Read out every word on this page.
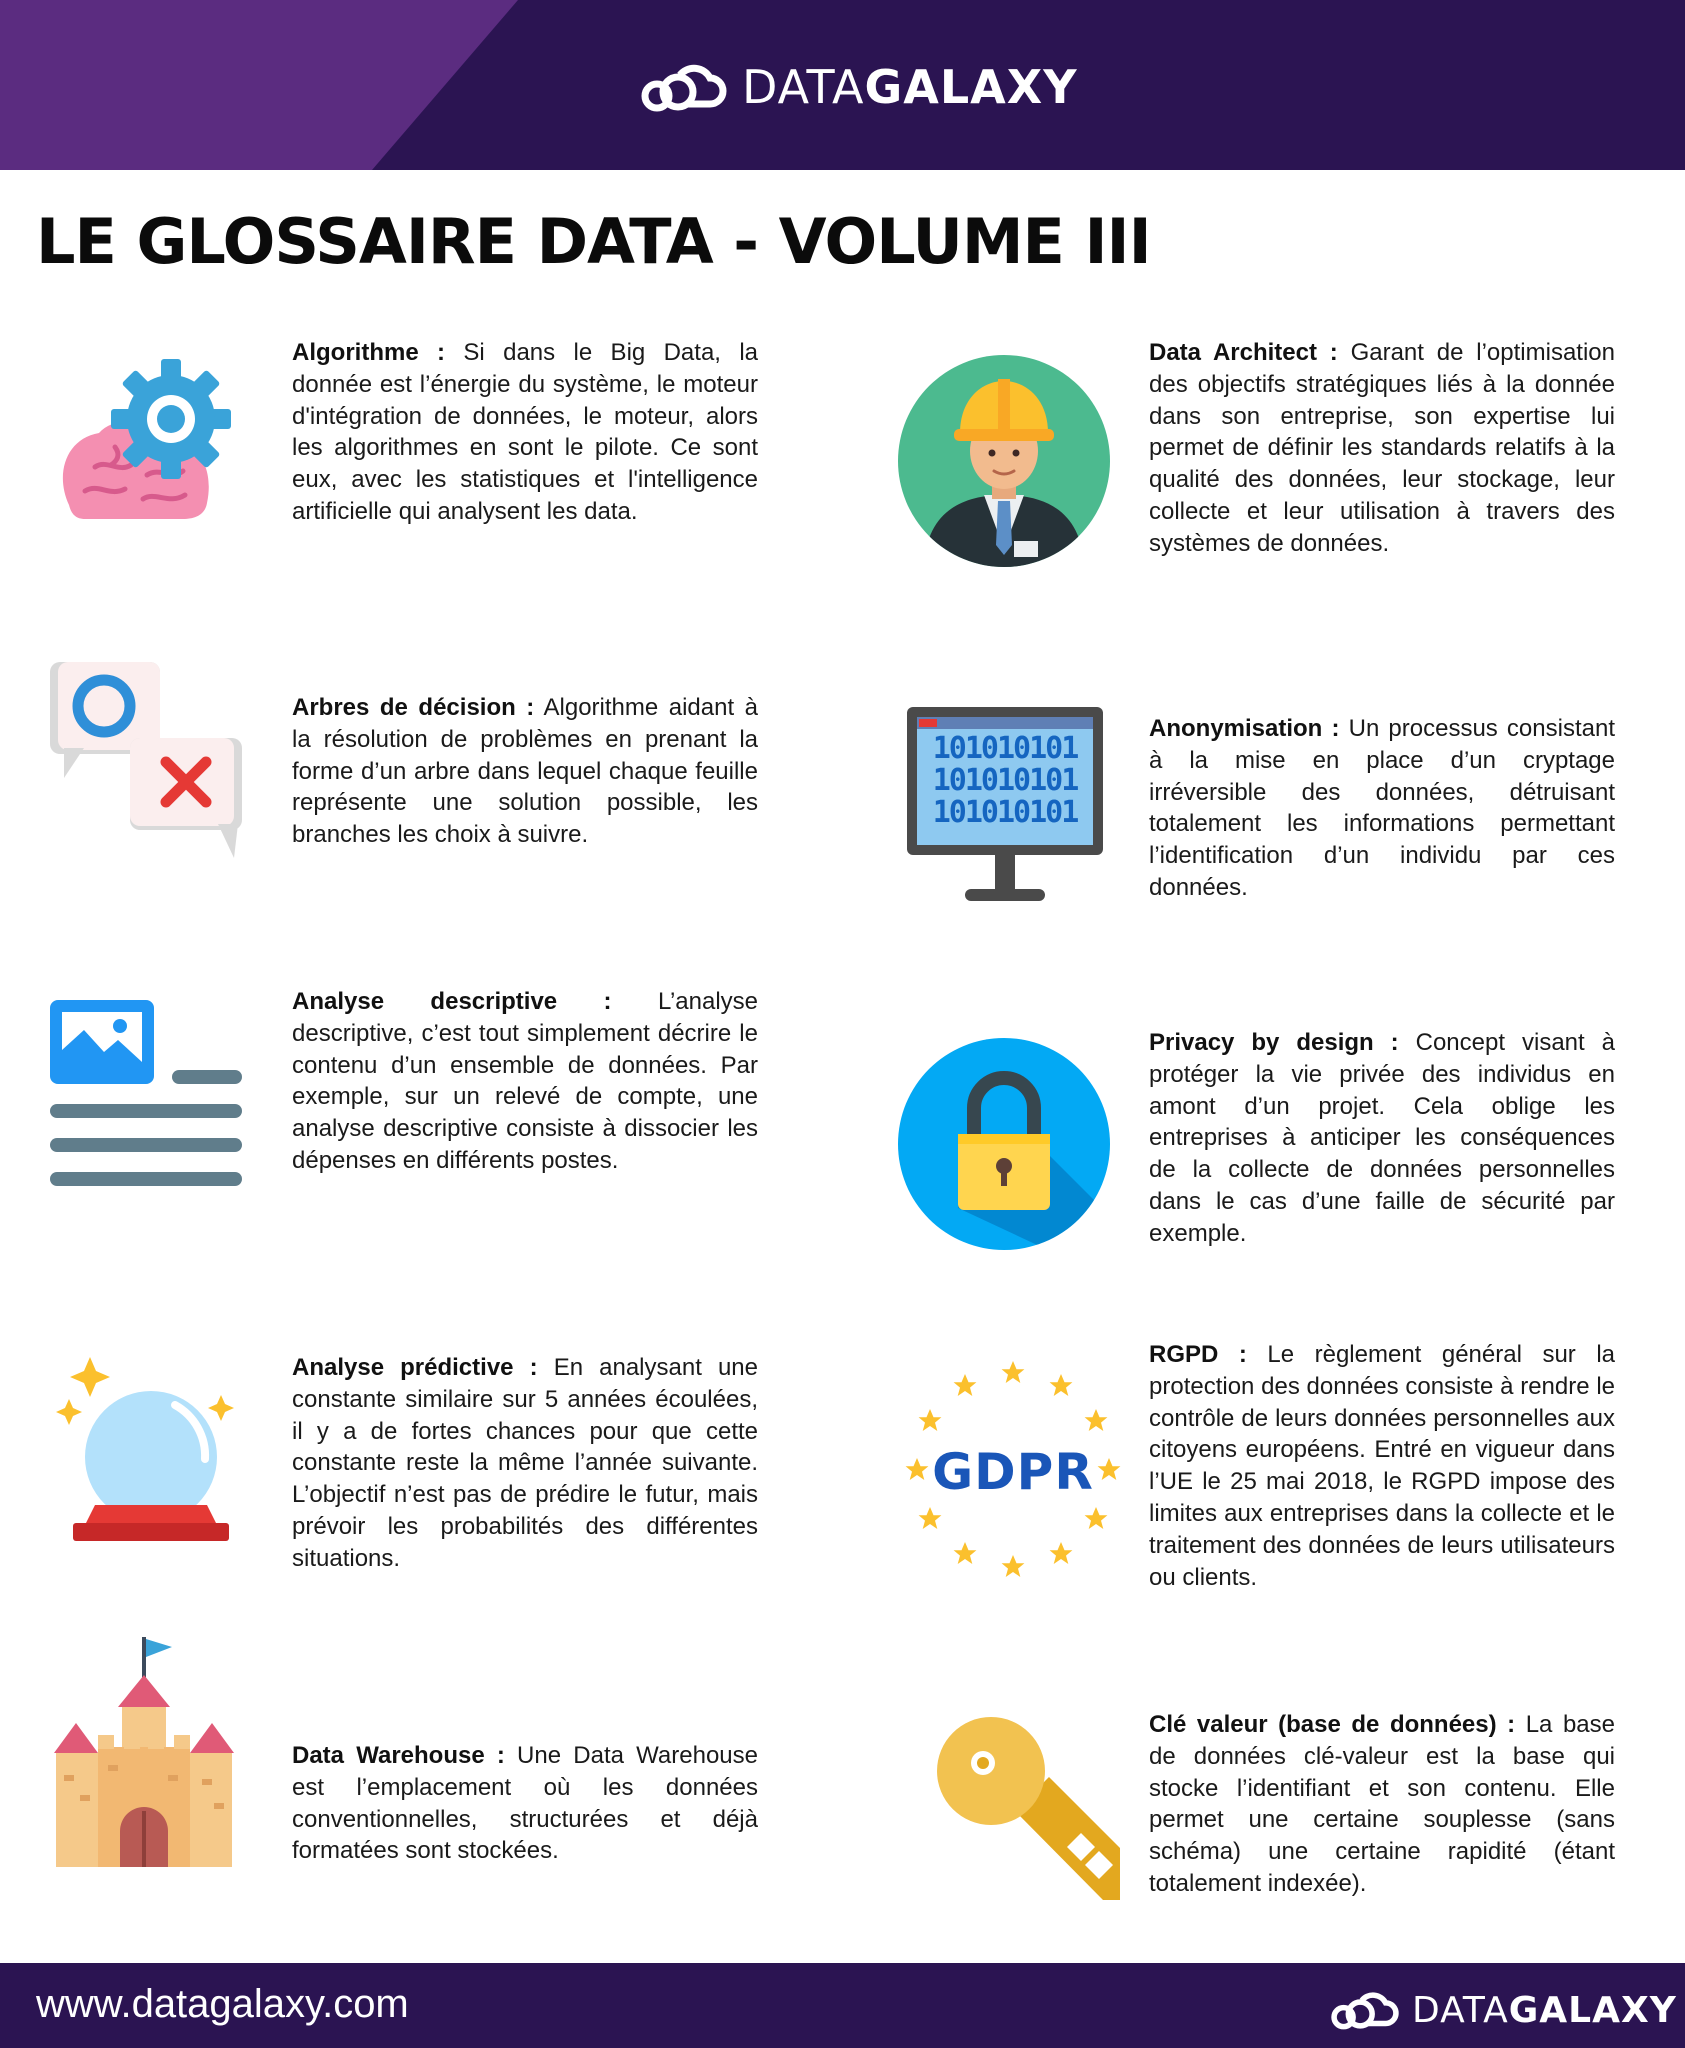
DATAGALAXY
LE GLOSSAIRE DATA - VOLUME III
101010101
101010101
101010101
GDPR

Algorithme : Si dans le Big Data, la donnée est l’énergie du système, le moteur d'intégration de données, le moteur, alors les algorithmes en sont le pilote. Ce sont eux, avec les statistiques et l'intelligence artificielle qui analysent les data.

Arbres de décision : Algorithme aidant à la résolution de problèmes en prenant la forme d’un arbre dans lequel chaque feuille représente une solution possible, les branches les choix à suivre.

Analyse descriptive : L’analyse descriptive, c’est tout simplement décrire le contenu d’un ensemble de données. Par exemple, sur un relevé de compte, une analyse descriptive consiste à dissocier les dépenses en différents postes.

Analyse prédictive : En analysant une constante similaire sur 5 années écoulées, il y a de fortes chances pour que cette constante reste la même l’année suivante. L’objectif n’est pas de prédire le futur, mais prévoir les probabilités des différentes situations.

Data Warehouse : Une Data Warehouse est l’emplacement où les données conventionnelles, structurées et déjà formatées sont stockées.

Data Architect : Garant de l’optimisation des objectifs stratégiques liés à la donnée dans son entreprise, son expertise lui permet de définir les standards relatifs à la qualité des données, leur stockage, leur collecte et leur utilisation à travers des systèmes de données.

Anonymisation : Un processus consistant à la mise en place d’un cryptage irréversible des données, détruisant totalement les informations permettant l’identification d’un individu par ces données.

Privacy by design : Concept visant à protéger la vie privée des individus en amont d’un projet. Cela oblige les entreprises à anticiper les conséquences de la collecte de données personnelles dans le cas d’une faille de sécurité par exemple.

RGPD : Le règlement général sur la protection des données consiste à rendre le contrôle de leurs données personnelles aux citoyens européens. Entré en vigueur dans l’UE le 25 mai 2018, le RGPD impose des limites aux entreprises dans la collecte et le traitement des données de leurs utilisateurs ou clients.

Clé valeur (base de données) : La base de données clé-valeur est la base qui stocke l’identifiant et son contenu. Elle permet une certaine souplesse (sans schéma) une certaine rapidité (étant totalement indexée).

www.datagalaxy.com	DATAGALAXY
